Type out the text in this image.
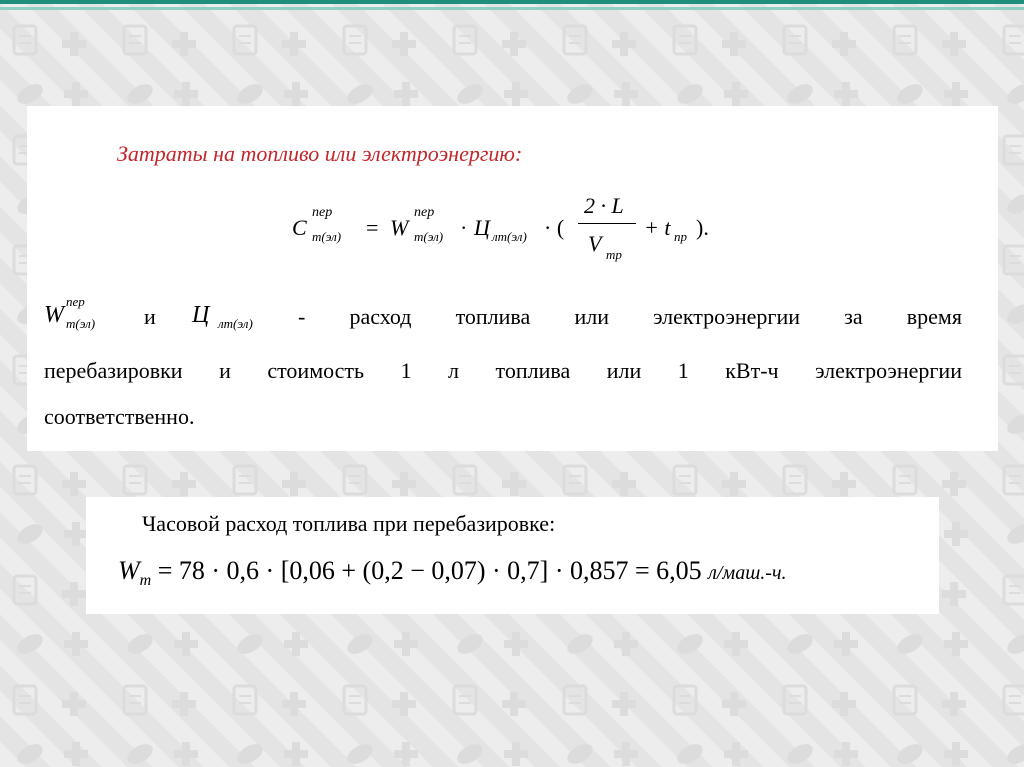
Затраты на топливо или электроэнергию:
C
пер
т(эл) = W
пер
т(эл) · Ц лт(эл) · (
2 · L
V тр
+ t пр ).
W
пер
т(эл) и Ц лт(эл) - расход топлива или электроэнергии за время
перебазировки и стоимость 1 л топлива или 1 кВт-ч электроэнергии
соответственно.
Часовой расход топлива при перебазировке:
$W_т = 78 \cdot 0,6 \cdot [0,06 + (0,2 - 0,07) \cdot 0,7] \cdot 0,857 = 6,05$ л/маш.-ч.
